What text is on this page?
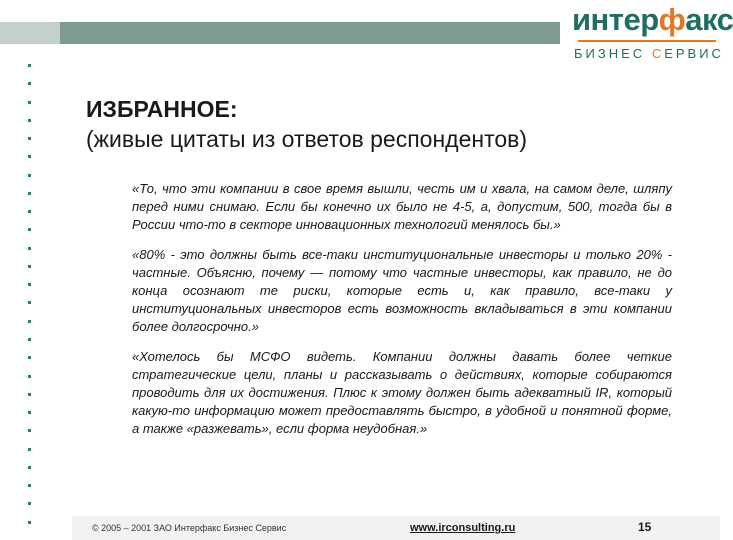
интерфакс
БИЗНЕС СЕРВИС
ИЗБРАННОЕ:
(живые цитаты из ответов респондентов)

«То, что эти компании в свое время вышли, честь им и хвала, на самом деле, шляпу перед ними снимаю. Если бы конечно их было не 4-5, а, допустим, 500, тогда бы в России что-то в секторе инновационных технологий менялось бы.»

«80% - это должны быть все-таки институциональные инвесторы и только 20% - частные. Объясню, почему — потому что частные инвесторы, как правило, не до конца осознают те риски, которые есть и, как правило, все-таки у институциональных инвесторов есть возможность вкладываться в эти компании более долгосрочно.»

«Хотелось бы МСФО видеть. Компании должны давать более четкие стратегические цели, планы и рассказывать о действиях, которые собираются проводить для их достижения. Плюс к этому должен быть адекватный IR, который какую-то информацию может предоставлять быстро, в удобной и понятной форме, а также «разжевать», если форма неудобная.»

© 2005 – 2001 ЗАО Интерфакс Бизнес Сервис	www.irconsulting.ru	15
